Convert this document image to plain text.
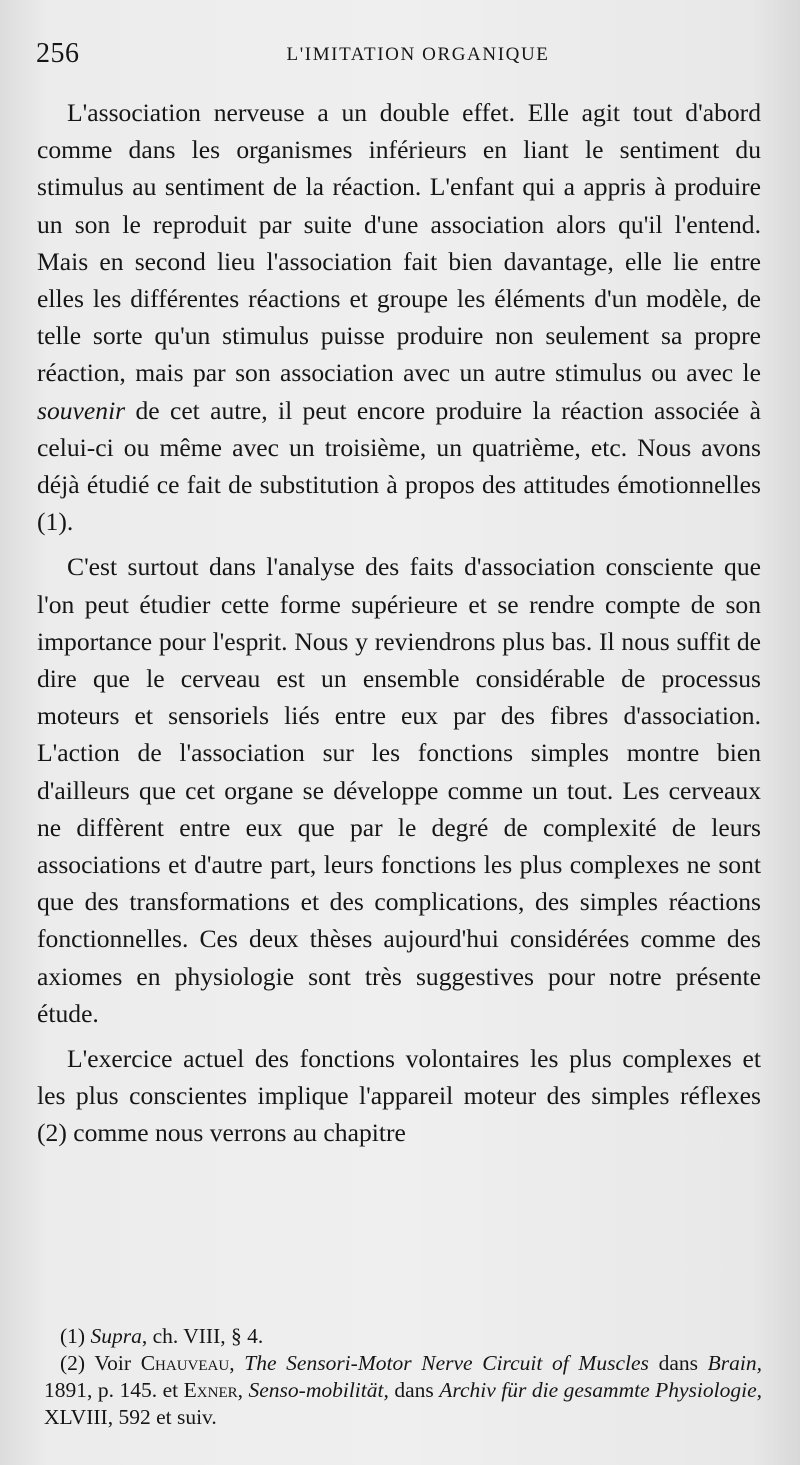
256	L'IMITATION ORGANIQUE

L'association nerveuse a un double effet. Elle agit tout d'abord comme dans les organismes inférieurs en liant le sentiment du stimulus au sentiment de la réaction. L'enfant qui a appris à produire un son le reproduit par suite d'une association alors qu'il l'entend. Mais en second lieu l'association fait bien davantage, elle lie entre elles les différentes réactions et groupe les éléments d'un modèle, de telle sorte qu'un stimulus puisse produire non seulement sa propre réaction, mais par son association avec un autre stimulus ou avec le souvenir de cet autre, il peut encore produire la réaction associée à celui-ci ou même avec un troisième, un quatrième, etc. Nous avons déjà étudié ce fait de substitution à propos des attitudes émotionnelles (1).

C'est surtout dans l'analyse des faits d'association consciente que l'on peut étudier cette forme supérieure et se rendre compte de son importance pour l'esprit. Nous y reviendrons plus bas. Il nous suffit de dire que le cerveau est un ensemble considérable de processus moteurs et sensoriels liés entre eux par des fibres d'association. L'action de l'association sur les fonctions simples montre bien d'ailleurs que cet organe se développe comme un tout. Les cerveaux ne diffèrent entre eux que par le degré de complexité de leurs associations et d'autre part, leurs fonctions les plus complexes ne sont que des transformations et des complications, des simples réactions fonctionnelles. Ces deux thèses aujourd'hui considérées comme des axiomes en physiologie sont très suggestives pour notre présente étude.

L'exercice actuel des fonctions volontaires les plus complexes et les plus conscientes implique l'appareil moteur des simples réflexes (2) comme nous verrons au chapitre

(1) Supra, ch. VIII, § 4.

(2) Voir Chauveau, The Sensori-Motor Nerve Circuit of Muscles dans Brain, 1891, p. 145. et Exner, Senso-mobilität, dans Archiv für die gesammte Physiologie, XLVIII, 592 et suiv.
